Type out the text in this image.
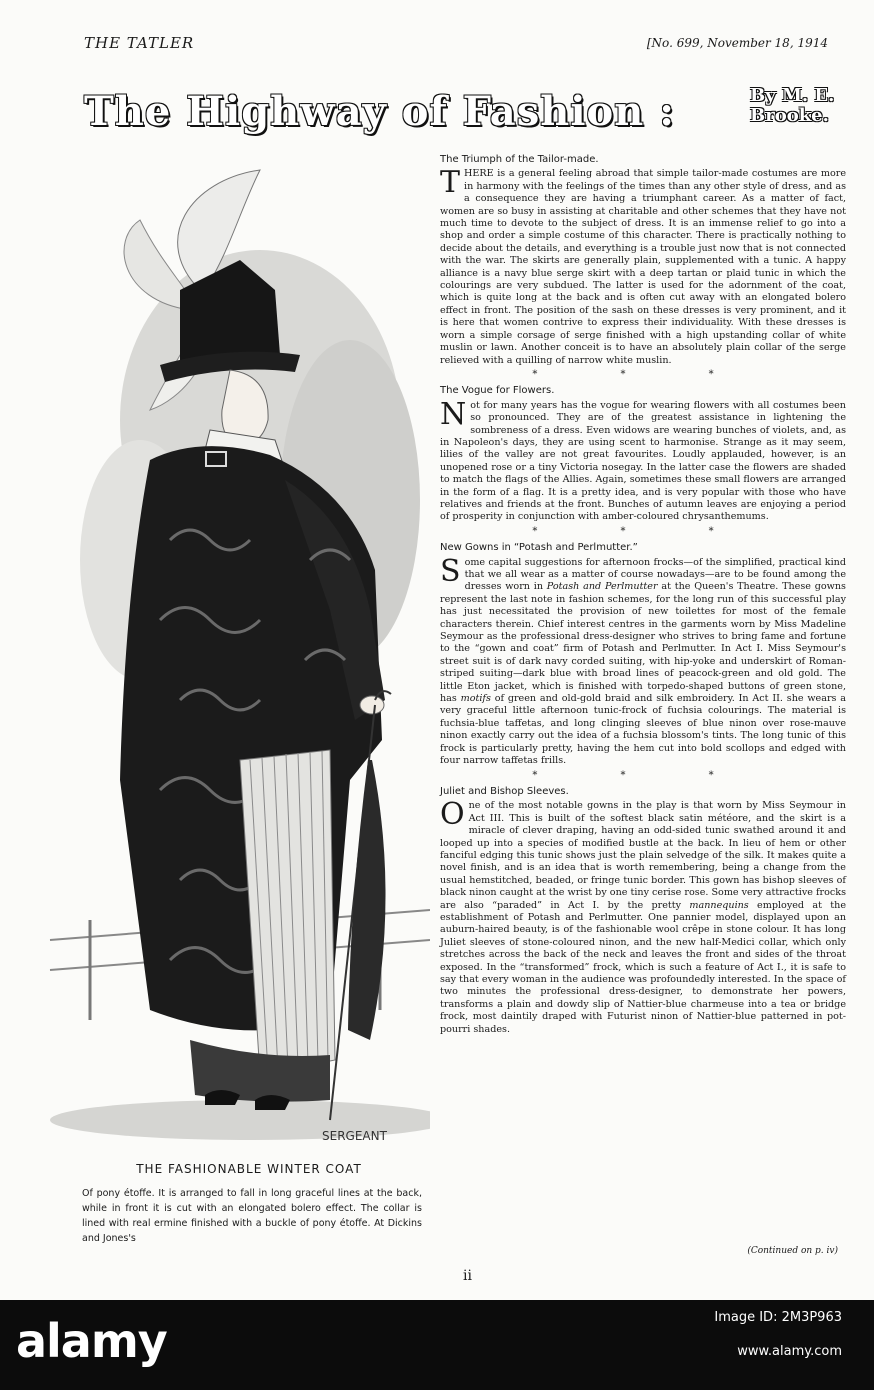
THE TATLER	[No. 699, November 18, 1914
The Highway of Fashion :	By M. E.
Brooke.
SERGEANT
THE FASHIONABLE WINTER COAT
Of pony étoffe. It is arranged to fall in long graceful lines at the back, while in front it is cut with an elongated bolero effect. The collar is lined with real ermine finished with a buckle of pony étoffe. At Dickins and Jones's
The Triumph of the Tailor-made.

THERE is a general feeling abroad that simple tailor-made costumes are more in harmony with the feelings of the times than any other style of dress, and as a consequence they are having a triumphant career. As a matter of fact, women are so busy in assisting at charitable and other schemes that they have not much time to devote to the subject of dress. It is an immense relief to go into a shop and order a simple costume of this character. There is practically nothing to decide about the details, and everything is a trouble just now that is not connected with the war. The skirts are generally plain, supplemented with a tunic. A happy alliance is a navy blue serge skirt with a deep tartan or plaid tunic in which the colourings are very subdued. The latter is used for the adornment of the coat, which is quite long at the back and is often cut away with an elongated bolero effect in front. The position of the sash on these dresses is very prominent, and it is here that women contrive to express their individuality. With these dresses is worn a simple corsage of serge finished with a high upstanding collar of white muslin or lawn. Another conceit is to have an absolutely plain collar of the serge relieved with a quilling of narrow white muslin.

* * *
The Vogue for Flowers.

Not for many years has the vogue for wearing flowers with all costumes been so pronounced. They are of the greatest assistance in lightening the sombreness of a dress. Even widows are wearing bunches of violets, and, as in Napoleon's days, they are using scent to harmonise. Strange as it may seem, lilies of the valley are not great favourites. Loudly applauded, however, is an unopened rose or a tiny Victoria nosegay. In the latter case the flowers are shaded to match the flags of the Allies. Again, sometimes these small flowers are arranged in the form of a flag. It is a pretty idea, and is very popular with those who have relatives and friends at the front. Bunches of autumn leaves are enjoying a period of prosperity in conjunction with amber-coloured chrysanthemums.

* * *
New Gowns in “Potash and Perlmutter.”

Some capital suggestions for afternoon frocks—of the simplified, practical kind that we all wear as a matter of course nowadays—are to be found among the dresses worn in Potash and Perlmutter at the Queen's Theatre. These gowns represent the last note in fashion schemes, for the long run of this successful play has just necessitated the provision of new toilettes for most of the female characters therein. Chief interest centres in the garments worn by Miss Madeline Seymour as the professional dress-designer who strives to bring fame and fortune to the “gown and coat” firm of Potash and Perlmutter. In Act I. Miss Seymour's street suit is of dark navy corded suiting, with hip-yoke and underskirt of Roman-striped suiting—dark blue with broad lines of peacock-green and old gold. The little Eton jacket, which is finished with torpedo-shaped buttons of green stone, has motifs of green and old-gold braid and silk embroidery. In Act II. she wears a very graceful little afternoon tunic-frock of fuchsia colourings. The material is fuchsia-blue taffetas, and long clinging sleeves of blue ninon over rose-mauve ninon exactly carry out the idea of a fuchsia blossom's tints. The long tunic of this frock is particularly pretty, having the hem cut into bold scollops and edged with four narrow taffetas frills.

* * *
Juliet and Bishop Sleeves.

One of the most notable gowns in the play is that worn by Miss Seymour in Act III. This is built of the softest black satin météore, and the skirt is a miracle of clever draping, having an odd-sided tunic swathed around it and looped up into a species of modified bustle at the back. In lieu of hem or other fanciful edging this tunic shows just the plain selvedge of the silk. It makes quite a novel finish, and is an idea that is worth remembering, being a change from the usual hemstitched, beaded, or fringe tunic border. This gown has bishop sleeves of black ninon caught at the wrist by one tiny cerise rose. Some very attractive frocks are also “paraded” in Act I. by the pretty mannequins employed at the establishment of Potash and Perlmutter. One pannier model, displayed upon an auburn-haired beauty, is of the fashionable wool crêpe in stone colour. It has long Juliet sleeves of stone-coloured ninon, and the new half-Medici collar, which only stretches across the back of the neck and leaves the front and sides of the throat exposed. In the “transformed” frock, which is such a feature of Act I., it is safe to say that every woman in the audience was profoundedly interested. In the space of two minutes the professional dress-designer, to demonstrate her powers, transforms a plain and dowdy slip of Nattier-blue charmeuse into a tea or bridge frock, most daintily draped with Futurist ninon of Nattier-blue patterned in pot-pourri shades.

(Continued on p. iv)
ii
alamy	Image ID: 2M3P963
www.alamy.com
